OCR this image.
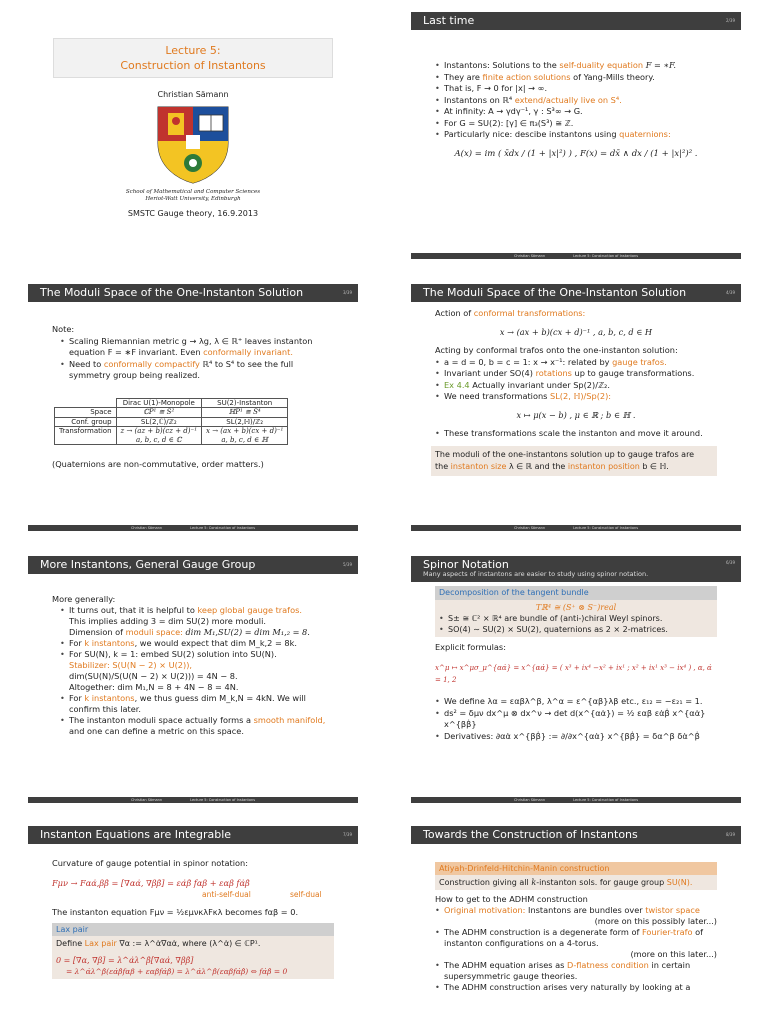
Lecture 5:
Construction of Instantons
Christian Sämann
School of Mathematical and Computer Sciences
Heriot-Watt University, Edinburgh
SMSTC Gauge theory, 16.9.2013
Last time	2/39
• Instantons: Solutions to the self-duality equation F = ∗F.
• They are finite action solutions of Yang-Mills theory.
• That is, F → 0 for |x| → ∞.
• Instantons on ℝ⁴ extend/actually live on S⁴.
• At infinity: A → γdγ⁻¹, γ : S³∞ → G.
• For G = SU(2): [γ] ∈ π₃(S³) ≅ ℤ.
• Particularly nice: descibe instantons using quaternions:
A(x) = im ( x̄dx / (1 + |x|²) ) , F(x) = dx̄ ∧ dx / (1 + |x|²)² .
Christian Sämann	Lecture 5: Construction of Instantons
The Moduli Space of the One-Instanton Solution	3/39
Note:
• Scaling Riemannian metric g → λg, λ ∈ ℝ⁺ leaves instanton equation F = ∗F invariant. Even conformally invariant.
• Need to conformally compactify ℝ⁴ to S⁴ to see the full symmetry group being realized.
	Dirac U(1)-Monopole	SU(2)-Instanton
Space	ℂP¹ ≅ S²	ℍP¹ ≅ S⁴
Conf. group	SL(2,ℂ)/ℤ₂	SL(2,ℍ)/ℤ₂
Transformation	z → (az + b)(cz + d)⁻¹	x → (ax + b)(cx + d)⁻¹
	a, b, c, d ∈ ℂ	a, b, c, d ∈ ℍ
(Quaternions are non-commutative, order matters.)
Christian Sämann	Lecture 5: Construction of Instantons
The Moduli Space of the One-Instanton Solution	4/39
Action of conformal transformations:
x → (ax + b)(cx + d)⁻¹ , a, b, c, d ∈ H
Acting by conformal trafos onto the one-instanton solution:
• a = d = 0, b = c = 1: x → x⁻¹: related by gauge trafos.
• Invariant under SO(4) rotations up to gauge transformations.
• Ex 4.4 Actually invariant under Sp(2)/ℤ₂.
• We need transformations SL(2, ℍ)/Sp(2):
x ↦ μ(x − b) , μ ∈ ℝ ; b ∈ ℍ .
• These transformations scale the instanton and move it around.
The moduli of the one-instantons solution up to gauge trafos are
the instanton size λ ∈ ℝ and the instanton position b ∈ ℍ.
Christian Sämann	Lecture 5: Construction of Instantons
More Instantons, General Gauge Group	5/39
More generally:
• It turns out, that it is helpful to keep global gauge trafos.
This implies adding 3 = dim SU(2) more moduli.
Dimension of moduli space: dim M₁,SU(2) = dim M₁,₂ = 8.
• For k instantons, we would expect that dim M_k,2 = 8k.
• For SU(N), k = 1: embed SU(2) solution into SU(N).
Stabilizer: S(U(N − 2) × U(2)),
dim(SU(N)/S(U(N − 2) × U(2))) = 4N − 8.
Altogether: dim M₁,N = 8 + 4N − 8 = 4N.
• For k instantons, we thus guess dim M_k,N = 4kN. We will confirm this later.
• The instanton moduli space actually forms a smooth manifold, and one can define a metric on this space.
Christian Sämann	Lecture 5: Construction of Instantons
Spinor Notation
Many aspects of instantons are easier to study using spinor notation.
6/39
Decomposition of the tangent bundle
Tℝ⁴ ≅ (S⁺ ⊗ S⁻)real
• S± ≅ ℂ² × ℝ⁴ are bundle of (anti-)chiral Weyl spinors.
• SO(4) ∼ SU(2) × SU(2), quaternions as 2 × 2-matrices.
Explicit formulas:
x^μ ↦ x^μσ_μ^{αα̇} = x^{αα̇} = ( x³ + ix⁴ −x² + ix¹ ; x² + ix¹ x³ − ix⁴ ) , α, α̇ = 1, 2
• We define λα = εαβλ^β, λ^α = ε^{αβ}λβ etc., ε₁₂ = −ε₂₁ = 1.
• ds² = δμν dx^μ ⊗ dx^ν → det d(x^{αα̇}) = ½ εαβ εα̇β̇ x^{αα̇} x^{ββ̇}
• Derivatives: ∂αα̇ x^{ββ̇} := ∂/∂x^{αα̇} x^{ββ̇} = δα^β δα̇^β̇
Christian Sämann	Lecture 5: Construction of Instantons
Instanton Equations are Integrable	7/39
Curvature of gauge potential in spinor notation:
Fμν → Fαα̇,ββ̇ = [∇αα̇, ∇ββ̇] = εα̇β̇ fαβ + εαβ fα̇β̇
anti-self-dual	self-dual
The instanton equation Fμν = ½εμνκλFκλ becomes fαβ = 0.
Lax pair
Define Lax pair ∇α := λ^α̇∇αα̇, where (λ^α̇) ∈ ℂP¹.
0 = [∇α, ∇β] = λ^α̇λ^β̇[∇αα̇, ∇ββ̇]
= λ^α̇λ^β̇(εα̇β̇fαβ + εαβfα̇β̇) = λ^α̇λ^β̇(εαβfα̇β̇) ⇔ fα̇β̇ = 0
Towards the Construction of Instantons	8/39
Atiyah-Drinfeld-Hitchin-Manin construction
Construction giving all k-instanton sols. for gauge group SU(N).
How to get to the ADHM construction
• Original motivation: Instantons are bundles over twistor space
(more on this possibly later...)
• The ADHM construction is a degenerate form of Fourier-trafo of instanton configurations on a 4-torus.
(more on this later...)
• The ADHM equation arises as D-flatness condition in certain supersymmetric gauge theories.
• The ADHM construction arises very naturally by looking at a
